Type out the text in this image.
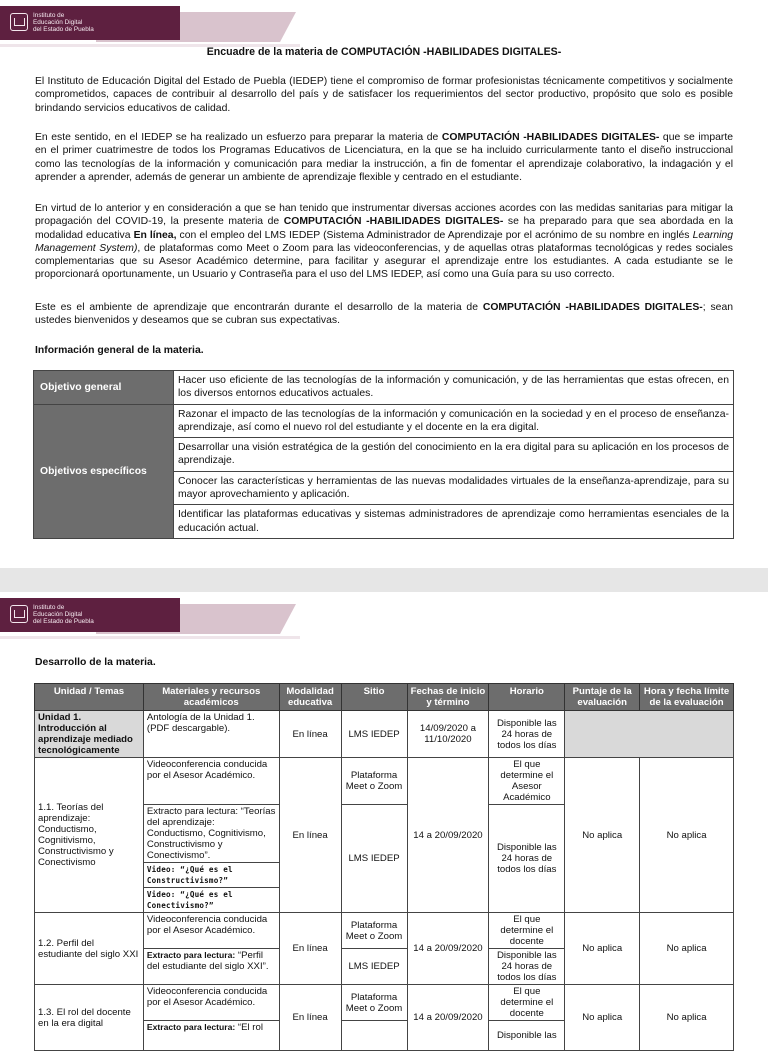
Instituto de
Educación Digital
del Estado de Puebla
Encuadre de la materia de COMPUTACIÓN -HABILIDADES DIGITALES-

El Instituto de Educación Digital del Estado de Puebla (IEDEP) tiene el compromiso de formar profesionistas técnicamente competitivos y socialmente comprometidos, capaces de contribuir al desarrollo del país y de satisfacer los requerimientos del sector productivo, propósito que solo es posible brindando servicios educativos de calidad.

En este sentido, en el IEDEP se ha realizado un esfuerzo para preparar la materia de COMPUTACIÓN -HABILIDADES DIGITALES- que se imparte en el primer cuatrimestre de todos los Programas Educativos de Licenciatura, en la que se ha incluido curricularmente tanto el diseño instruccional como las tecnologías de la información y comunicación para mediar la instrucción, a fin de fomentar el aprendizaje colaborativo, la indagación y el aprender a aprender, además de generar un ambiente de aprendizaje flexible y centrado en el estudiante.

En virtud de lo anterior y en consideración a que se han tenido que instrumentar diversas acciones acordes con las medidas sanitarias para mitigar la propagación del COVID-19, la presente materia de COMPUTACIÓN -HABILIDADES DIGITALES- se ha preparado para que sea abordada en la modalidad educativa En línea, con el empleo del LMS IEDEP (Sistema Administrador de Aprendizaje por el acrónimo de su nombre en inglés Learning Management System), de plataformas como Meet o Zoom para las videoconferencias, y de aquellas otras plataformas tecnológicas y redes sociales complementarias que su Asesor Académico determine, para facilitar y asegurar el aprendizaje entre los estudiantes. A cada estudiante se le proporcionará oportunamente, un Usuario y Contraseña para el uso del LMS IEDEP, así como una Guía para su uso correcto.

Este es el ambiente de aprendizaje que encontrarán durante el desarrollo de la materia de COMPUTACIÓN -HABILIDADES DIGITALES-; sean ustedes bienvenidos y deseamos que se cubran sus expectativas.

Información general de la materia.
Objetivo general	Hacer uso eficiente de las tecnologías de la información y comunicación, y de las herramientas que estas ofrecen, en los diversos entornos educativos actuales.
Objetivos específicos	Razonar el impacto de las tecnologías de la información y comunicación en la sociedad y en el proceso de enseñanza-aprendizaje, así como el nuevo rol del estudiante y el docente en la era digital.
	Desarrollar una visión estratégica de la gestión del conocimiento en la era digital para su aplicación en los procesos de aprendizaje.
	Conocer las características y herramientas de las nuevas modalidades virtuales de la enseñanza-aprendizaje, para su mayor aprovechamiento y aplicación.
	Identificar las plataformas educativas y sistemas administradores de aprendizaje como herramientas esenciales de la educación actual.
Instituto de
Educación Digital
del Estado de Puebla
Desarrollo de la materia.
Unidad / Temas	Materiales y recursos académicos	Modalidad educativa	Sitio	Fechas de inicio y término	Horario	Puntaje de la evaluación	Hora y fecha límite de la evaluación
Unidad 1. Introducción al aprendizaje mediado tecnológicamente	Antología de la Unidad 1. (PDF descargable).	En línea	LMS IEDEP	14/09/2020 a 11/10/2020	Disponible las 24 horas de todos los días		
1.1. Teorías del aprendizaje: Conductismo, Cognitivismo, Constructivismo y Conectivismo	Videoconferencia conducida por el Asesor Académico.	En línea	Plataforma Meet o Zoom	14 a 20/09/2020	El que determine el Asesor Académico	No aplica	No aplica
	Extracto para lectura: “Teorías del aprendizaje: Conductismo, Cognitivismo, Constructivismo y Conectivismo”.		LMS IEDEP		Disponible las 24 horas de todos los días		
	Video: “¿Qué es el Constructivismo?”						
	Video: “¿Qué es el Conectivismo?”						
1.2. Perfil del estudiante del siglo XXI	Videoconferencia conducida por el Asesor Académico.	En línea	Plataforma Meet o Zoom	14 a 20/09/2020	El que determine el docente	No aplica	No aplica
	Extracto para lectura: “Perfil del estudiante del siglo XXI”.		LMS IEDEP		Disponible las 24 horas de todos los días		
1.3. El rol del docente en la era digital	Videoconferencia conducida por el Asesor Académico.	En línea	Plataforma Meet o Zoom	14 a 20/09/2020	El que determine el docente	No aplica	No aplica
	Extracto para lectura: “El rol				Disponible las		
